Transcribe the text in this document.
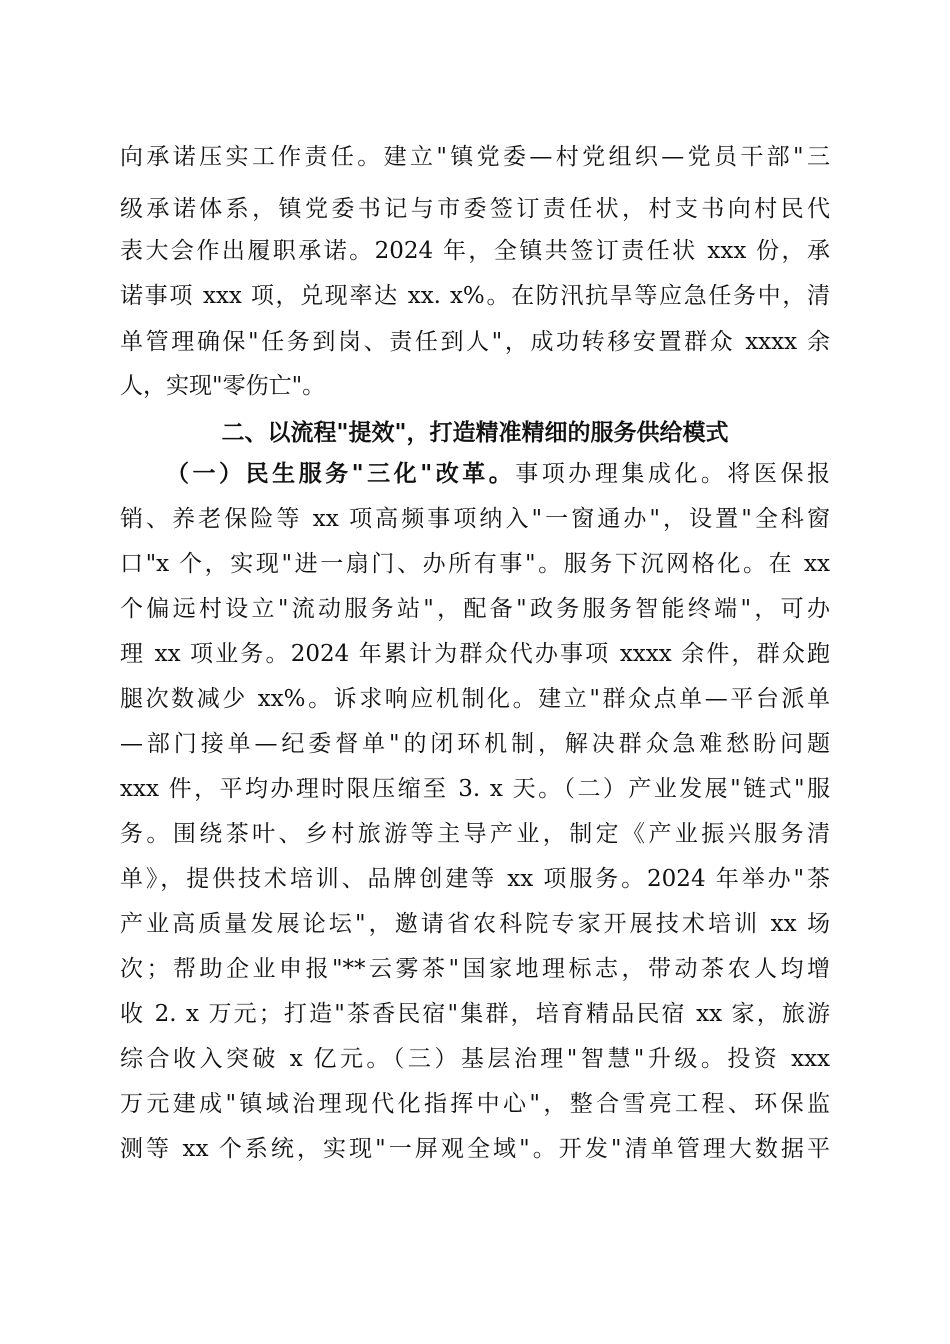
向承诺压实工作责任。建立"镇党委—村党组织—党员干部"三
级承诺体系，镇党委书记与市委签订责任状，村支书向村民代
表大会作出履职承诺。2024 年，全镇共签订责任状 xxx 份，承
诺事项 xxx 项，兑现率达 xx. x%。在防汛抗旱等应急任务中，清
单管理确保"任务到岗、责任到人"，成功转移安置群众 xxxx 余
人，实现"零伤亡"。
二、以流程"提效"，打造精准精细的服务供给模式
（一）民生服务"三化"改革。事项办理集成化。将医保报
销、养老保险等 xx 项高频事项纳入"一窗通办"，设置"全科窗
口"x 个，实现"进一扇门、办所有事"。服务下沉网格化。在 xx
个偏远村设立"流动服务站"，配备"政务服务智能终端"，可办
理 xx 项业务。2024 年累计为群众代办事项 xxxx 余件，群众跑
腿次数减少 xx%。诉求响应机制化。建立"群众点单—平台派单
—部门接单—纪委督单"的闭环机制，解决群众急难愁盼问题
xxx 件，平均办理时限压缩至 3. x 天。（二）产业发展"链式"服
务。围绕茶叶、乡村旅游等主导产业，制定《产业振兴服务清
单》，提供技术培训、品牌创建等 xx 项服务。2024 年举办"茶
产业高质量发展论坛"，邀请省农科院专家开展技术培训 xx 场
次；帮助企业申报"**云雾茶"国家地理标志，带动茶农人均增
收 2. x 万元；打造"茶香民宿"集群，培育精品民宿 xx 家，旅游
综合收入突破 x 亿元。（三）基层治理"智慧"升级。投资 xxx
万元建成"镇域治理现代化指挥中心"，整合雪亮工程、环保监
测等 xx 个系统，实现"一屏观全域"。开发"清单管理大数据平
